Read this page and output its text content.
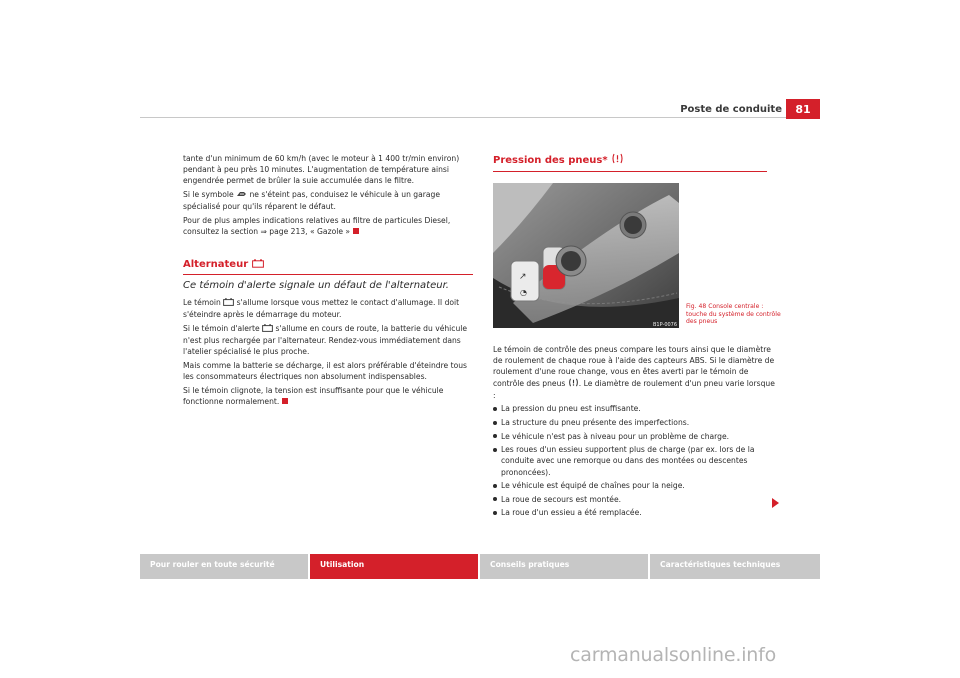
Poste de conduite 81

tante d'un minimum de 60 km/h (avec le moteur à 1 400 tr/min environ) pendant à peu près 10 minutes. L'augmentation de température ainsi engendrée permet de brûler la suie accumulée dans le filtre.

Si le symbole  ne s'éteint pas, conduisez le véhicule à un garage spécialisé pour qu'ils réparent le défaut.

Pour de plus amples indications relatives au filtre de particules Diesel, consultez la section ⇒ page 213, « Gazole »

Alternateur
Ce témoin d'alerte signale un défaut de l'alternateur.

Le témoin  s'allume lorsque vous mettez le contact d'allumage. Il doit s'éteindre après le démarrage du moteur.

Si le témoin d'alerte  s'allume en cours de route, la batterie du véhicule n'est plus rechargée par l'alternateur. Rendez-vous immédiatement dans l'atelier spécialisé le plus proche.

Mais comme la batterie se décharge, il est alors préférable d'éteindre tous les consommateurs électriques non absolument indispensables.

Si le témoin clignote, la tension est insuffisante pour que le véhicule fonctionne normalement.

Pression des pneus*
↗
◔
B1P-0076
Fig. 48 Console centrale : touche du système de contrôle des pneus

Le témoin de contrôle des pneus compare les tours ainsi que le diamètre de roulement de chaque roue à l'aide des capteurs ABS. Si le diamètre de roulement d'une roue change, vous en êtes averti par le témoin de contrôle des pneus . Le diamètre de roulement d'un pneu varie lorsque :

La pression du pneu est insuffisante.
La structure du pneu présente des imperfections.
Le véhicule n'est pas à niveau pour un problème de charge.
Les roues d'un essieu supportent plus de charge (par ex. lors de la conduite avec une remorque ou dans des montées ou descentes prononcées).
Le véhicule est équipé de chaînes pour la neige.
La roue de secours est montée.
La roue d'un essieu a été remplacée.
Pour rouler en toute sécurité	Utilisation	Conseils pratiques	Caractéristiques techniques
carmanualsonline.info
